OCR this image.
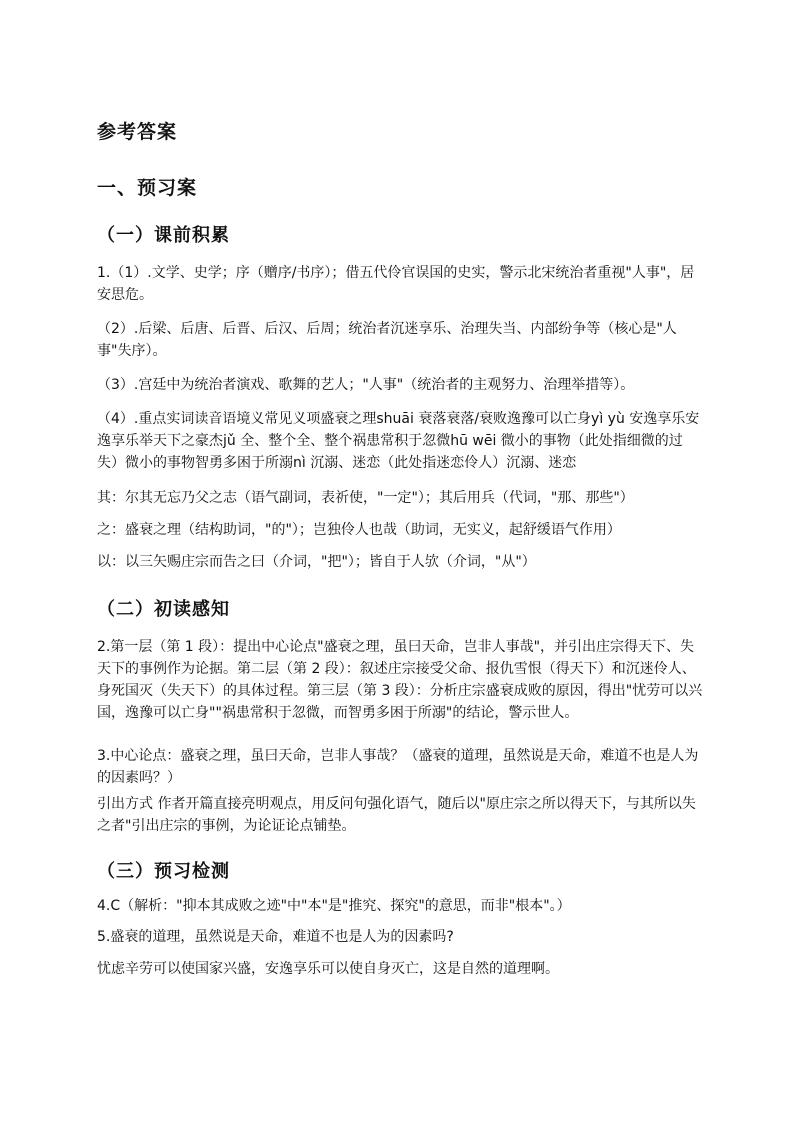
参考答案
一、预习案
（一）课前积累

1.（1）.文学、史学；序（赠序/书序）；借五代伶官误国的史实，警示北宋统治者重视"人事"，居安思危。

（2）.后梁、后唐、后晋、后汉、后周；统治者沉迷享乐、治理失当、内部纷争等（核心是"人事"失序）。

（3）.宫廷中为统治者演戏、歌舞的艺人；"人事"（统治者的主观努力、治理举措等）。

（4）.重点实词读音语境义常见义项盛衰之理shuāi 衰落衰落/衰败逸豫可以亡身yì yù 安逸享乐安逸享乐举天下之豪杰jǔ 全、整个全、整个祸患常积于忽微hū wēi 微小的事物（此处指细微的过失）微小的事物智勇多困于所溺nì 沉溺、迷恋（此处指迷恋伶人）沉溺、迷恋

其：尔其无忘乃父之志（语气副词，表祈使，"一定"）；其后用兵（代词，"那、那些"）

之：盛衰之理（结构助词，"的"）；岂独伶人也哉（助词，无实义，起舒缓语气作用）

以：以三矢赐庄宗而告之曰（介词，"把"）；皆自于人欤（介词，"从"）

（二）初读感知

2.第一层（第 1 段）：提出中心论点"盛衰之理，虽曰天命，岂非人事哉"，并引出庄宗得天下、失天下的事例作为论据。第二层（第 2 段）：叙述庄宗接受父命、报仇雪恨（得天下）和沉迷伶人、身死国灭（失天下）的具体过程。第三层（第 3 段）：分析庄宗盛衰成败的原因，得出"忧劳可以兴国，逸豫可以亡身""祸患常积于忽微，而智勇多困于所溺"的结论，警示世人。

3.中心论点：盛衰之理，虽曰天命，岂非人事哉？（盛衰的道理，虽然说是天命，难道不也是人为的因素吗？）

引出方式 作者开篇直接亮明观点，用反问句强化语气，随后以"原庄宗之所以得天下，与其所以失之者"引出庄宗的事例，为论证论点铺垫。

（三）预习检测

4.C（解析："抑本其成败之迹"中"本"是"推究、探究"的意思，而非"根本"。）

5.盛衰的道理，虽然说是天命，难道不也是人为的因素吗?

忧虑辛劳可以使国家兴盛，安逸享乐可以使自身灭亡，这是自然的道理啊。
